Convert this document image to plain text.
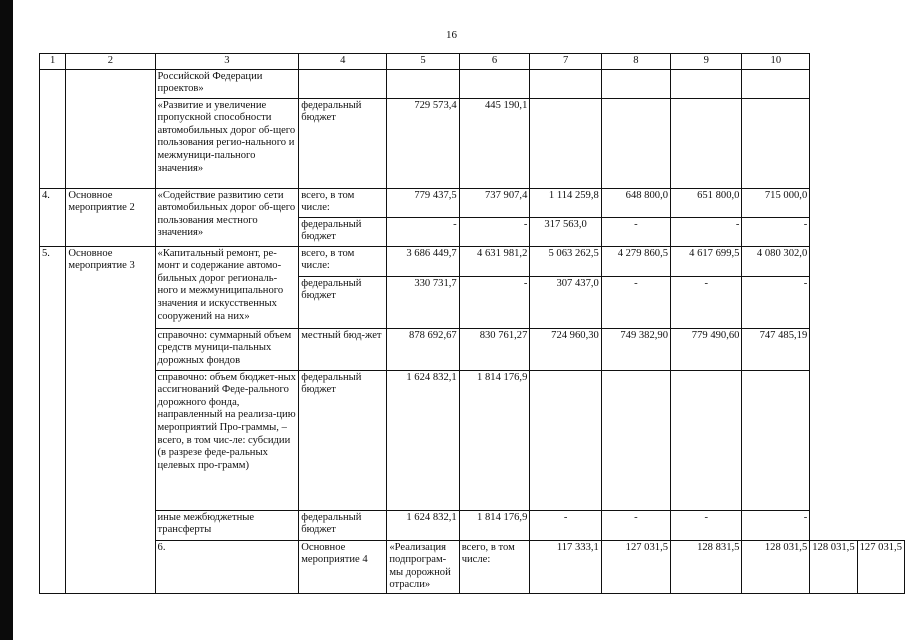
16
1	2	3	4	5	6	7	8	9	10		
		Российской Федерации проектов»									
		«Развитие и увеличение пропускной способности автомобильных дорог об-щего пользования регио-нального и межмуници-пального значения»	федеральный бюджет	729 573,4	445 190,1						
4.	Основное мероприятие 2	«Содействие развитию сети автомобильных дорог об-щего пользования местного значения»	всего, в том числе:	779 437,5	737 907,4	1 114 259,8	648 800,0	651 800,0	715 000,0		
			федеральный бюджет	-	-	317 563,0	-	-	-		
5.	Основное мероприятие 3	«Капитальный ремонт, ре-монт и содержание автомо-бильных дорог региональ-ного и межмуниципального значения и искусственных сооружений на них»	всего, в том числе:	3 686 449,7	4 631 981,2	5 063 262,5	4 279 860,5	4 617 699,5	4 080 302,0		
			федеральный бюджет	330 731,7	-	307 437,0	-	-	-		
		справочно: суммарный объем средств муници-пальных дорожных фондов	местный бюд-жет	878 692,67	830 761,27	724 960,30	749 382,90	779 490,60	747 485,19		
		справочно: объем бюджет-ных ассигнований Феде-рального дорожного фонда, направленный на реализа-цию мероприятий Про-граммы, – всего, в том чис-ле: субсидии (в разрезе феде-ральных целевых про-грамм)	федеральный бюджет	1 624 832,1	1 814 176,9						
		иные межбюджетные трансферты	федеральный бюджет	1 624 832,1	1 814 176,9	-	-	-	-		
		6.	Основное мероприятие 4	«Реализация подпрограм-мы дорожной отрасли»	всего, в том числе:	117 333,1	127 031,5	128 831,5	128 031,5	128 031,5	127 031,5
